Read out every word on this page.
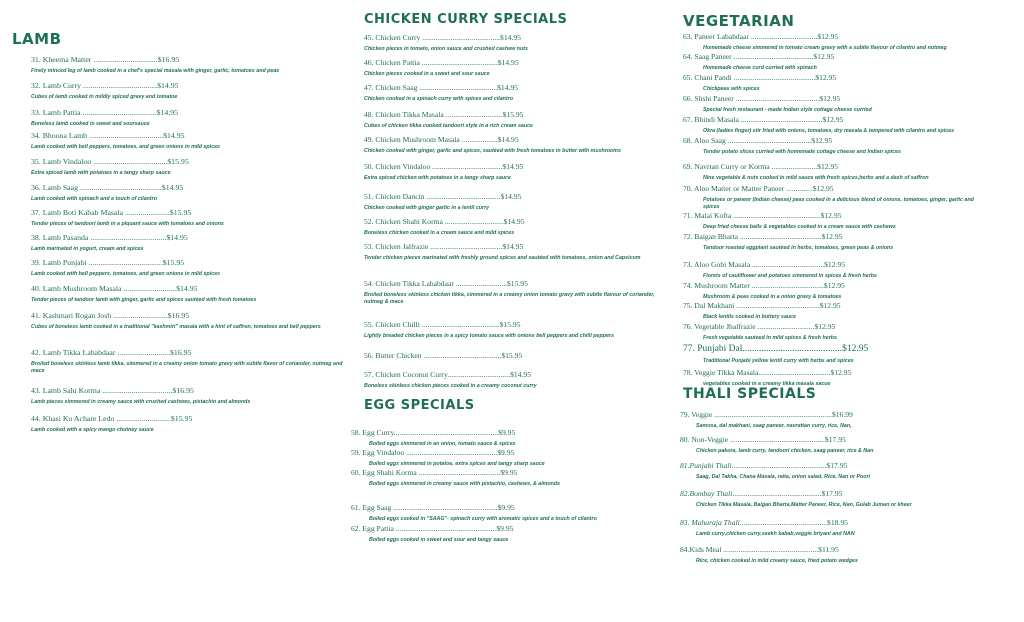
LAMB
31. Kheema Matter .................................$16.95
Finely minced leg of lamb cooked in a chef's special masala with ginger, garlic, tomatoes and peas
32. Lamb Curry ......................................$14.95
Cubes of lamb cooked in mildly spiced gravy and tomatoe
33. Lamb Pattia ......................................$14.95
Boneless lamb cooked in sweet and soursauce
34. Bhoona Lamb ......................................$14.95
Lamb cooked with bell peppers, tomatoes, and green onions in mild spices
35. Lamb Vindaloo ......................................$15.95
Extra spiced lamb with potatoes in a tangy sharp sauce
36. Lamb Saag ..........................................$14.95
Lamb cooked with spinach and a touch of cilantro
37. Lamb Boti Kabab Masala .......................$15.95
Tender pieces of tandoori lamb in a piquant sauce with tomatoes and onions
38. Lamb Pasanda .......................................$14.95
Lamb marinated in yogurt, cream and spices
39. Lamb Punjabi ......................................$15.95
Lamb cooked with bell peppers, tomatoes, and green onions in mild spices
40. Lamb Mushroom Masala ...........................$14.95
Tender pieces of tandoor lamb with ginger, garlic and spices sautéed with fresh tomatoes
41. Kashmari Rogan Josh ............................$16.95
Cubes of boneless lamb cooked in a traditional "kashmiri" masala with a hint of saffron, tomatoes and bell peppers
42. Lamb Tikka Lababdaar ...........................$16.95
Broiled boneless skinless lamb tikka, simmered in a creamy onion tomato gravy with subtle flavor of coriander, nutmeg and mace
43. Lamb Sahi Korma ....................................$16.95
Lamb pieces simmered in creamy sauce with crushed cashews, pistachio and almonds
44. Khasi Ko Achare Ledo ............................$15.95
Lamb cooked with a spicy mango chutney sauce
CHICKEN CURRY SPECIALS
45. Chicken Curry .........................................$14.95
Chicken pieces in tomato, onion sauce and crushed cashew nuts
46. Chicken Pattia ........................................$14.95
Chicken pieces cooked in a sweet and sour sauce
47. Chicken Saag .........................................$14.95
Chicken cooked in a spinach curry with spices and cilantro
48. Chicken Tikka Masala ..............................$15.95
Cubes of chicken tikka cooked tandoori style in a rich cream sauce
49. Chicken Mushroom Masala ...................$14.95
Chicken cooked with ginger, garlic and spices, sautéed with fresh tomatoes in butter with mushrooms
50. Chicken Vindaloo .....................................$14.95
Extra spiced chicken with potatoes in a tangy sharp sauce
51. Chicken Dancin .......................................$14.95
Chicken cooked with ginger garlic in a lentil curry
52. Chicken Shahi Korma ...............................$14.95
Boneless chicken cooked in a cream sauce and mild spices
53. Chicken Jalfrazie ......................................$14.95
Tender chicken pieces marinated with freshly ground spices and sautéed with tomatoes, onion and Capsicum
54. Chicken Tikka Lababdaar ...........................$15.95
Broiled boneless skinless chicken tikka, simmered in a creamy onion tomato gravy with subtle flavour of coriander, nutmeg & mace
55. Chicken Chilli .........................................$15.95
Lightly breaded chicken pieces in a spicy tomato sauce with onions bell peppers and chilli peppers
56. Butter Chicken .........................................$15.95
57. Chicken Coconut Curry.................................$14.95
Boneless skinless chicken pieces cooked in a creamy coconut curry
EGG SPECIALS
58. Egg Curry.......................................................$9.95
Boiled eggs simmered in an onion, tomato sauce & spices
59. Egg Vindaloo ................................................$9.95
Boiled eggs simmered in potatoe, extra spices and tangy sharp sauce
60. Egg Shahi Korma ...........................................$9.95
Boiled eggs simmered in creamy sauce with pistachio, cashews, & almonds
61. Egg Saag .......................................................$9.95
Boiled eggs cooked in "SAAG"- spinach curry with aromatic spices and a touch of cilantro
62. Egg Pattia .....................................................$9.95
Boiled eggs cooked in sweet and sour and tangy sauce
VEGETARIAN
63. Paneer Labahdaar ...................................$12.95
Homemade cheese simmered in tomato cream gravy with a subtle flavour of cilantro and nutmeg
64. Saag Paneer ..........................................$12.95
Homemade cheese curd curried with spinach
65. Chani Pandi ...........................................$12.95
Chickpeas with spices
66. Shshi Paneer ............................................$12.95
Special fresh restaurant - made Indian style cottage cheese curried
67. Bhindi Masala ...........................................$12.95
Okra (ladies finger) stir fried with onions, tomatoes, dry masala & tempered with cilantro and spices
68. Aloo Saag ............................................$12.95
Tender potato slices curried with homemade cottage cheese and Indian spices
69. Navrtan Curry or Korma ........................$12.95
Nine vegetable & nuts cooked in mild sauce with fresh spices,herbs and a dash of saffron
70. Aloo Matter or Matter Paneer ..............$12.95
Potatoes or paneer (Indian cheese) peas cooked in a delicious blend of onions, tomatoes, ginger, garlic and spices
71. Malai Kofta ..............................................$12.95
Deep fried cheese balls & vegetables cooked in a cream sauce with cashews
72. Baigan Bharta ...........................................$12.95
Tandoor roasted eggplant sautéed in herbs, tomatoes, green peas & onions
73. Aloo Gobi Masala ......................................$12.95
Florets of cauliflower and potatoes simmered in spices & fresh herbs
74. Mushroom Matter ......................................$12.95
Mushroom & peas cooked in a onion gravy & tomatoes
75. Dal Makhani ............................................$12.95
Black lentils cooked in buttery sauce
76. Vegetable Jhalfrazie ..............................$12.95
Fresh vegetable sauteed in mild spices & fresh herbs
77. Punjabi Dal..........................................$12.95
Traditional Punjabi yellow lentil curry with herbs and spices
78. Veggie Tikka Masala......................................$12.95
vegetables cooked in a creamy tikka masala sacue
THALI SPECIALS
79. Veggie ..............................................................$16.99
Samosa, dal makhani, saag paneer, navrattan curry, rice, Nan,
80. Non-Veggie ..................................................$17.95
Chicken pakora, lamb curry, tandoori chicken, saag paneer, rice & Nan
81.Punjabi Thali..................................................$17.95
Saag, Dal Takha, Chana Masala, raita, onion salad, Rice, Nan or Poori
82.Bombay Thali...............................................$17.95
Chicken Tikka Masala, Baigan Bharta,Matter Paneer, Rice, Nan, Gulab Juman or kheer
83. Maharaja Thali..............................................$18.95
Lamb curry,chicken curry,seekh kabab,veggie briyani and NAN
84.Kids Meal ..................................................$11.95
Rice, chicken cooked in mild creamy sauce, fried potato wedges
